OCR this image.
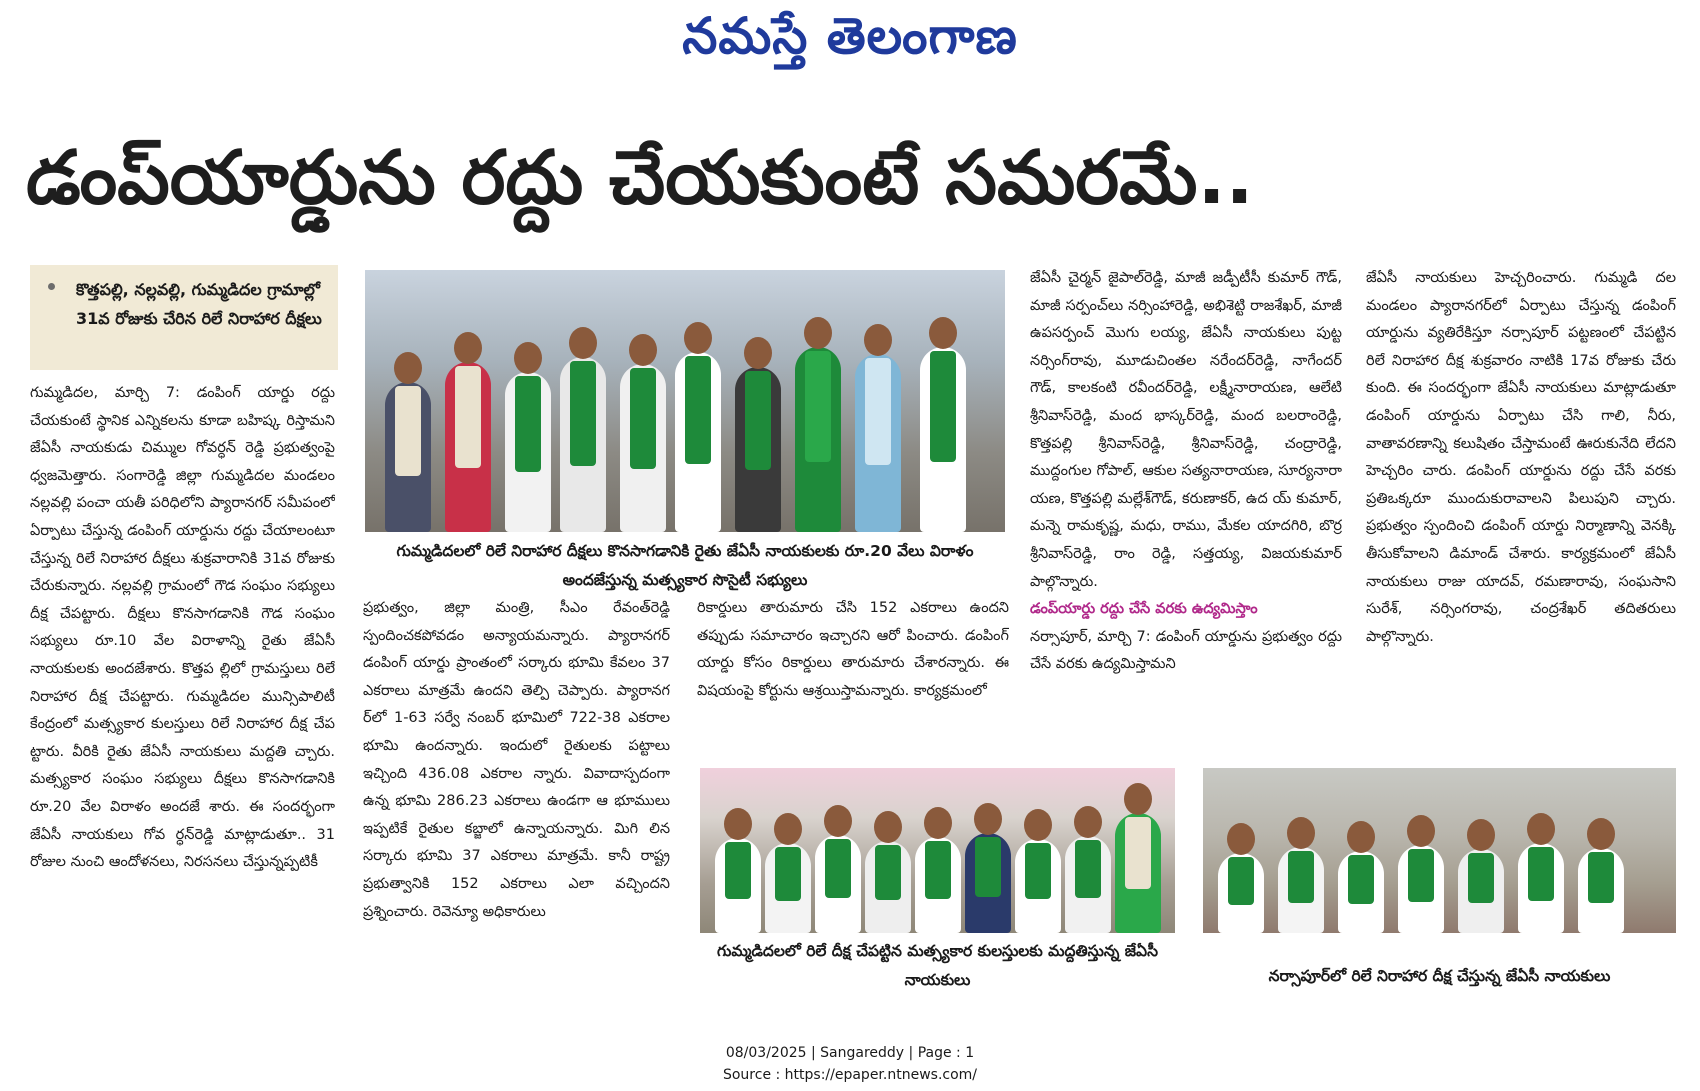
నమస్తే తెలంగాణ
డంప్‌యార్డును రద్దు చేయకుంటే సమరమే..
కొత్తపల్లి, నల్లవల్లి, గుమ్మడిదల గ్రామాల్లో 31వ రోజుకు చేరిన రిలే నిరాహార దీక్షలు
గుమ్మడిదల, మార్చి 7: డంపింగ్ యార్డు రద్దు చేయకుంటే స్థానిక ఎన్నికలను కూడా బహిష్క రిస్తామని జేఏసీ నాయకుడు చిమ్ముల గోవర్ధన్ రెడ్డి ప్రభుత్వంపై ధ్వజమెత్తారు. సంగారెడ్డి జిల్లా గుమ్మడిదల మండలం నల్లవల్లి పంచా యతీ పరిధిలోని ప్యారానగర్ సమీపంలో ఏర్పాటు చేస్తున్న డంపింగ్ యార్డును రద్దు చేయాలంటూ చేస్తున్న రిలే నిరాహార దీక్షలు శుక్రవారానికి 31వ రోజుకు చేరుకున్నారు. నల్లవల్లి గ్రామంలో గౌడ సంఘం సభ్యులు దీక్ష చేపట్టారు. దీక్షలు కొనసాగడానికి గౌడ సంఘం సభ్యులు రూ.10 వేల విరాళాన్ని రైతు జేఏసీ నాయకులకు అందజేశారు. కొత్తప ల్లిలో గ్రామస్తులు రిలే నిరాహార దీక్ష చేపట్టారు. గుమ్మడిదల మున్సిపాలిటీ కేంద్రంలో మత్స్యకార కులస్తులు రిలే నిరాహార దీక్ష చేప ట్టారు. వీరికి రైతు జేఏసీ నాయకులు మద్దతి చ్చారు. మత్స్యకార సంఘం సభ్యులు దీక్షలు కొనసాగడానికి రూ.20 వేల విరాళం అందజే శారు. ఈ సందర్భంగా జేఏసీ నాయకులు గోవ ర్ధన్‌రెడ్డి మాట్లాడుతూ.. 31 రోజుల నుంచి ఆందోళనలు, నిరసనలు చేస్తున్నప్పటికీ
గుమ్మడిదలలో రిలే నిరాహార దీక్షలు కొనసాగడానికి రైతు జేఏసీ నాయకులకు రూ.20 వేలు విరాళం అందజేస్తున్న మత్స్యకార సొసైటీ సభ్యులు
ప్రభుత్వం, జిల్లా మంత్రి, సీఎం రేవంత్‌రెడ్డి స్పందించకపోవడం అన్యాయమన్నారు. ప్యారానగర్ డంపింగ్ యార్డు ప్రాంతంలో సర్కారు భూమి కేవలం 37 ఎకరాలు మాత్రమే ఉందని తెల్పి చెప్పారు. ప్యారానగ ర్‌లో 1-63 సర్వే నంబర్ భూమిలో 722-38 ఎకరాల భూమి ఉందన్నారు. ఇందులో రైతులకు పట్టాలు ఇచ్చింది 436.08 ఎకరాల న్నారు. వివాదాస్పదంగా ఉన్న భూమి 286.23 ఎకరాలు ఉండగా ఆ భూములు ఇప్పటికే రైతుల కబ్జాలో ఉన్నాయన్నారు. మిగి లిన సర్కారు భూమి 37 ఎకరాలు మాత్రమే. కానీ రాష్ట్ర ప్రభుత్వానికి 152 ఎకరాలు ఎలా వచ్చిందని ప్రశ్నించారు. రెవెన్యూ అధికారులు
రికార్డులు తారుమారు చేసి 152 ఎకరాలు ఉందని తప్పుడు సమాచారం ఇచ్చారని ఆరో పించారు. డంపింగ్ యార్డు కోసం రికార్డులు తారుమారు చేశారన్నారు. ఈ విషయంపై కోర్టును ఆశ్రయిస్తామన్నారు. కార్యక్రమంలో
జేఏసీ చైర్మన్ జైపాల్‌రెడ్డి, మాజీ జడ్పీటీసీ కుమార్ గౌడ్, మాజీ సర్పంచ్‌లు నర్సింహారెడ్డి, అభిశెట్టి రాజశేఖర్, మాజీ ఉపసర్పంచ్ మొగు లయ్య, జేఏసీ నాయకులు పుట్ట నర్సింగ్‌రావు, మూడుచింతల నరేందర్‌రెడ్డి, నాగేందర్ గౌడ్, కాలకంటి రవీందర్‌రెడ్డి, లక్ష్మీనారాయణ, ఆలేటి శ్రీనివాస్‌రెడ్డి, మంద భాస్కర్‌రెడ్డి, మంద బలరాంరెడ్డి, కొత్తపల్లి శ్రీనివాస్‌రెడ్డి, శ్రీనివాస్‌రెడ్డి, చంద్రారెడ్డి, ముద్దంగుల గోపాల్, ఆకుల సత్యనారాయణ, సూర్యనారా యణ, కొత్తపల్లి మల్లేశ్‌గౌడ్, కరుణాకర్, ఉద య్ కుమార్, మన్నె రామకృష్ణ, మధు, రాము, మేకల యాదగిరి, బొర్ర శ్రీనివాస్‌రెడ్డి, రాం రెడ్డి, సత్తయ్య, విజయకుమార్ పాల్గొన్నారు.
డంప్‌యార్డు రద్దు చేసే వరకు ఉద్యమిస్తాం
నర్సాపూర్, మార్చి 7: డంపింగ్ యార్డును ప్రభుత్వం రద్దు చేసే వరకు ఉద్యమిస్తామని
జేఏసీ నాయకులు హెచ్చరించారు. గుమ్మడి దల మండలం ప్యారానగర్‌లో ఏర్పాటు చేస్తున్న డంపింగ్ యార్డును వ్యతిరేకిస్తూ నర్సాపూర్ పట్టణంలో చేపట్టిన రిలే నిరాహార దీక్ష శుక్రవారం నాటికి 17వ రోజుకు చేరు కుంది. ఈ సందర్భంగా జేఏసీ నాయకులు మాట్లాడుతూ డంపింగ్ యార్డును ఏర్పాటు చేసి గాలి, నీరు, వాతావరణాన్ని కలుషితం చేస్తామంటే ఊరుకునేది లేదని హెచ్చరిం చారు. డంపింగ్ యార్డును రద్దు చేసే వరకు ప్రతిఒక్కరూ ముందుకురావాలని పిలుపుని చ్చారు. ప్రభుత్వం స్పందించి డంపింగ్ యార్డు నిర్మాణాన్ని వెనక్కి తీసుకోవాలని డిమాండ్ చేశారు. కార్యక్రమంలో జేఏసీ నాయకులు రాజు యాదవ్, రమణారావు, సంఘసాని సురేశ్, నర్సింగరావు, చంద్రశేఖర్ తదితరులు పాల్గొన్నారు.
గుమ్మడిదలలో రిలే దీక్ష చేపట్టిన మత్స్యకార కులస్తులకు మద్దతిస్తున్న జేఏసీ నాయకులు	నర్సాపూర్‌లో రిలే నిరాహార దీక్ష చేస్తున్న జేఏసీ నాయకులు
08/03/2025 | Sangareddy | Page : 1
Source : https://epaper.ntnews.com/
